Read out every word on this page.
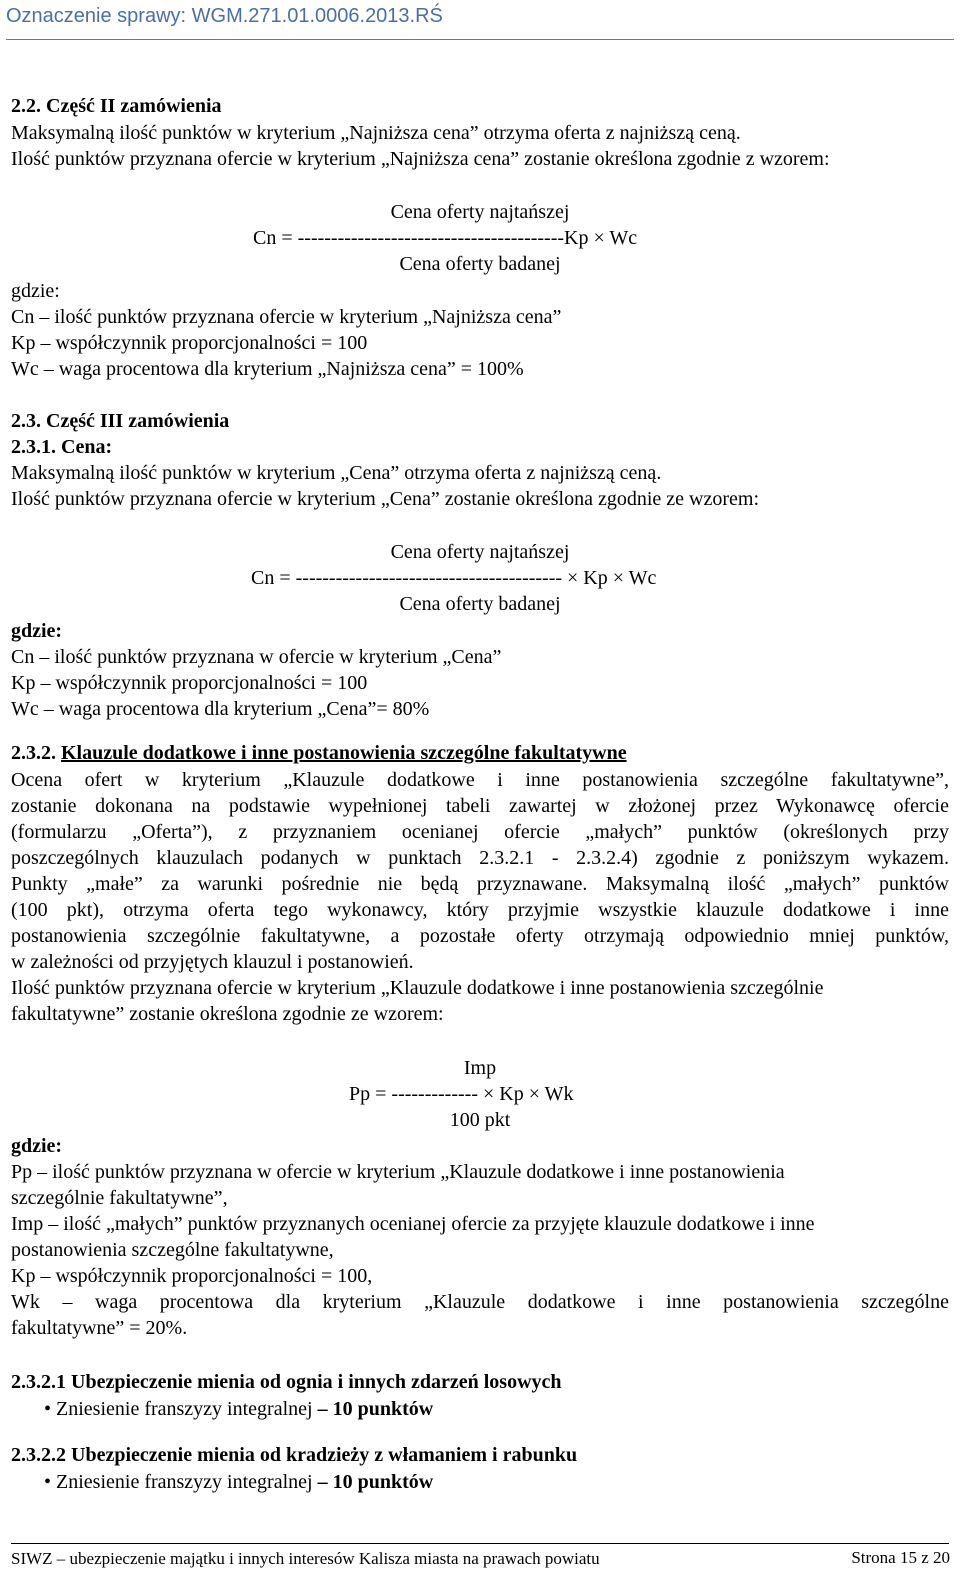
Oznaczenie sprawy: WGM.271.01.0006.2013.RŚ
2.2. Część II zamówienia
Maksymalną ilość punktów w kryterium „Najniższa cena” otrzyma oferta z najniższą ceną.
Ilość punktów przyznana ofercie w kryterium „Najniższa cena” zostanie określona zgodnie z wzorem:
Cena oferty najtańszej
Cn = ----------------------------------------Kp × Wc
Cena oferty badanej
gdzie:
Cn – ilość punktów przyznana ofercie w kryterium „Najniższa cena”
Kp – współczynnik proporcjonalności = 100
Wc – waga procentowa dla kryterium „Najniższa cena” = 100%
2.3. Część III zamówienia
2.3.1. Cena:
Maksymalną ilość punktów w kryterium „Cena” otrzyma oferta z najniższą ceną.
Ilość punktów przyznana ofercie w kryterium „Cena” zostanie określona zgodnie ze wzorem:
Cena oferty najtańszej
Cn = ---------------------------------------- × Kp × Wc
Cena oferty badanej
gdzie:
Cn – ilość punktów przyznana w ofercie w kryterium „Cena”
Kp – współczynnik proporcjonalności = 100
Wc – waga procentowa dla kryterium „Cena”= 80%
2.3.2. Klauzule dodatkowe i inne postanowienia szczególne fakultatywne
Ocena ofert w kryterium „Klauzule dodatkowe i inne postanowienia szczególne fakultatywne”,
zostanie dokonana na podstawie wypełnionej tabeli zawartej w złożonej przez Wykonawcę ofercie
(formularzu „Oferta”), z przyznaniem ocenianej ofercie „małych” punktów (określonych przy
poszczególnych klauzulach podanych w punktach 2.3.2.1 - 2.3.2.4) zgodnie z poniższym wykazem.
Punkty „małe” za warunki pośrednie nie będą przyznawane. Maksymalną ilość „małych” punktów
(100 pkt), otrzyma oferta tego wykonawcy, który przyjmie wszystkie klauzule dodatkowe i inne
postanowienia szczególnie fakultatywne, a pozostałe oferty otrzymają odpowiednio mniej punktów,
w zależności od przyjętych klauzul i postanowień.
Ilość punktów przyznana ofercie w kryterium „Klauzule dodatkowe i inne postanowienia szczególnie
fakultatywne” zostanie określona zgodnie ze wzorem:
Imp
Pp = ------------- × Kp × Wk
100 pkt
gdzie:
Pp – ilość punktów przyznana w ofercie w kryterium „Klauzule dodatkowe i inne postanowienia
szczególnie fakultatywne”,
Imp – ilość „małych” punktów przyznanych ocenianej ofercie za przyjęte klauzule dodatkowe i inne
postanowienia szczególne fakultatywne,
Kp – współczynnik proporcjonalności = 100,
Wk – waga procentowa dla kryterium „Klauzule dodatkowe i inne postanowienia szczególne
fakultatywne” = 20%.
2.3.2.1 Ubezpieczenie mienia od ognia i innych zdarzeń losowych
• Zniesienie franszyzy integralnej – 10 punktów
2.3.2.2 Ubezpieczenie mienia od kradzieży z włamaniem i rabunku
• Zniesienie franszyzy integralnej – 10 punktów
SIWZ – ubezpieczenie majątku i innych interesów Kalisza miasta na prawach powiatu	Strona 15 z 20
